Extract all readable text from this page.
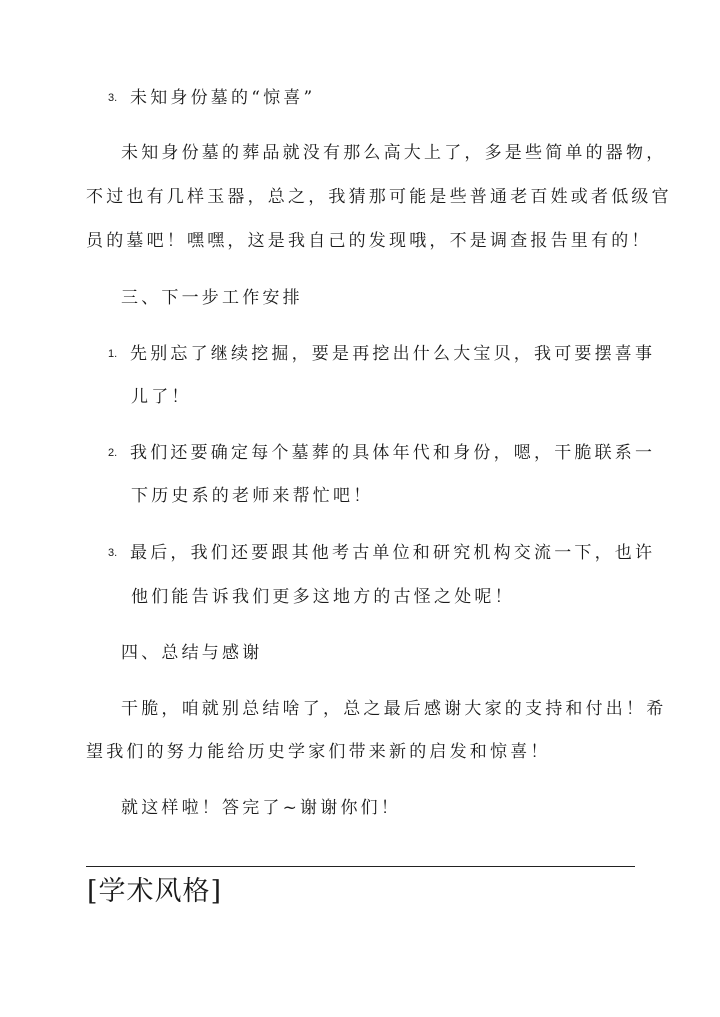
3. 未知身份墓的“惊喜”
未知身份墓的葬品就没有那么高大上了，多是些简单的器物，
不过也有几样玉器，总之，我猜那可能是些普通老百姓或者低级官
员的墓吧！嘿嘿，这是我自己的发现哦，不是调查报告里有的！
三、下一步工作安排
1. 先别忘了继续挖掘，要是再挖出什么大宝贝，我可要摆喜事
儿了！
2. 我们还要确定每个墓葬的具体年代和身份，嗯，干脆联系一
下历史系的老师来帮忙吧！
3. 最后，我们还要跟其他考古单位和研究机构交流一下，也许
他们能告诉我们更多这地方的古怪之处呢！
四、总结与感谢
干脆，咱就别总结啥了，总之最后感谢大家的支持和付出！希
望我们的努力能给历史学家们带来新的启发和惊喜！
就这样啦！答完了~谢谢你们！
[学术风格]
